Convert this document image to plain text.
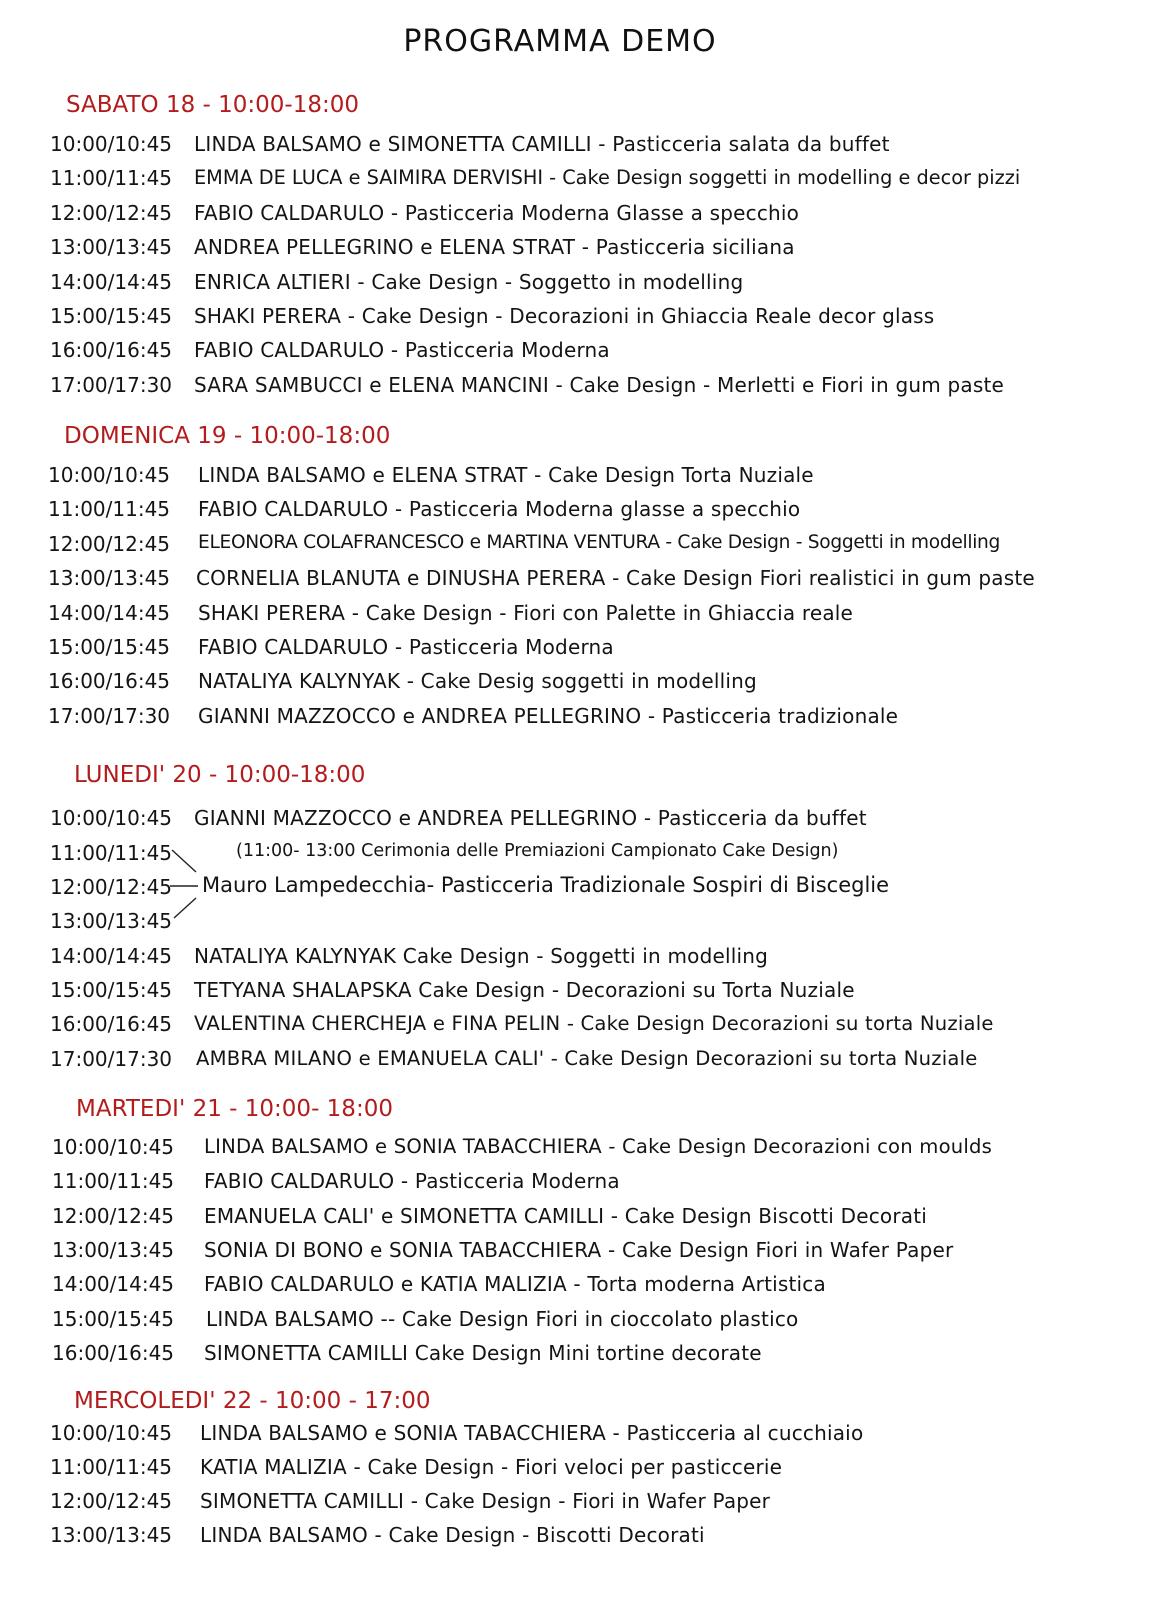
PROGRAMMA DEMO
SABATO 18 - 10:00-18:00
10:00/10:45 LINDA BALSAMO e SIMONETTA CAMILLI - Pasticceria salata da buffet
11:00/11:45 EMMA DE LUCA e SAIMIRA DERVISHI - Cake Design soggetti in modelling e decor pizzi
12:00/12:45 FABIO CALDARULO - Pasticceria Moderna Glasse a specchio
13:00/13:45 ANDREA PELLEGRINO e ELENA STRAT - Pasticceria siciliana
14:00/14:45 ENRICA ALTIERI - Cake Design - Soggetto in modelling
15:00/15:45 SHAKI PERERA - Cake Design - Decorazioni in Ghiaccia Reale decor glass
16:00/16:45 FABIO CALDARULO - Pasticceria Moderna
17:00/17:30 SARA SAMBUCCI e ELENA MANCINI - Cake Design - Merletti e Fiori in gum paste
DOMENICA 19 - 10:00-18:00
10:00/10:45 LINDA BALSAMO e ELENA STRAT - Cake Design Torta Nuziale
11:00/11:45 FABIO CALDARULO - Pasticceria Moderna glasse a specchio
12:00/12:45 ELEONORA COLAFRANCESCO e MARTINA VENTURA - Cake Design - Soggetti in modelling
13:00/13:45 CORNELIA BLANUTA e DINUSHA PERERA - Cake Design Fiori realistici in gum paste
14:00/14:45 SHAKI PERERA - Cake Design - Fiori con Palette in Ghiaccia reale
15:00/15:45 FABIO CALDARULO - Pasticceria Moderna
16:00/16:45 NATALIYA KALYNYAK - Cake Desig soggetti in modelling
17:00/17:30 GIANNI MAZZOCCO e ANDREA PELLEGRINO - Pasticceria tradizionale
LUNEDI' 20 - 10:00-18:00
10:00/10:45 GIANNI MAZZOCCO e ANDREA PELLEGRINO - Pasticceria da buffet
11:00/11:45
12:00/12:45
13:00/13:45
(11:00- 13:00 Cerimonia delle Premiazioni Campionato Cake Design)
Mauro Lampedecchia- Pasticceria Tradizionale Sospiri di Bisceglie
14:00/14:45 NATALIYA KALYNYAK Cake Design - Soggetti in modelling
15:00/15:45 TETYANA SHALAPSKA Cake Design - Decorazioni su Torta Nuziale
16:00/16:45 VALENTINA CHERCHEJA e FINA PELIN - Cake Design Decorazioni su torta Nuziale
17:00/17:30 AMBRA MILANO e EMANUELA CALI' - Cake Design Decorazioni su torta Nuziale
MARTEDI' 21 - 10:00- 18:00
10:00/10:45 LINDA BALSAMO e SONIA TABACCHIERA - Cake Design Decorazioni con moulds
11:00/11:45 FABIO CALDARULO - Pasticceria Moderna
12:00/12:45 EMANUELA CALI' e SIMONETTA CAMILLI - Cake Design Biscotti Decorati
13:00/13:45 SONIA DI BONO e SONIA TABACCHIERA - Cake Design Fiori in Wafer Paper
14:00/14:45 FABIO CALDARULO e KATIA MALIZIA - Torta moderna Artistica
15:00/15:45 LINDA BALSAMO -- Cake Design Fiori in cioccolato plastico
16:00/16:45 SIMONETTA CAMILLI Cake Design Mini tortine decorate
MERCOLEDI' 22 - 10:00 - 17:00
10:00/10:45 LINDA BALSAMO e SONIA TABACCHIERA - Pasticceria al cucchiaio
11:00/11:45 KATIA MALIZIA - Cake Design - Fiori veloci per pasticcerie
12:00/12:45 SIMONETTA CAMILLI - Cake Design - Fiori in Wafer Paper
13:00/13:45 LINDA BALSAMO - Cake Design - Biscotti Decorati
